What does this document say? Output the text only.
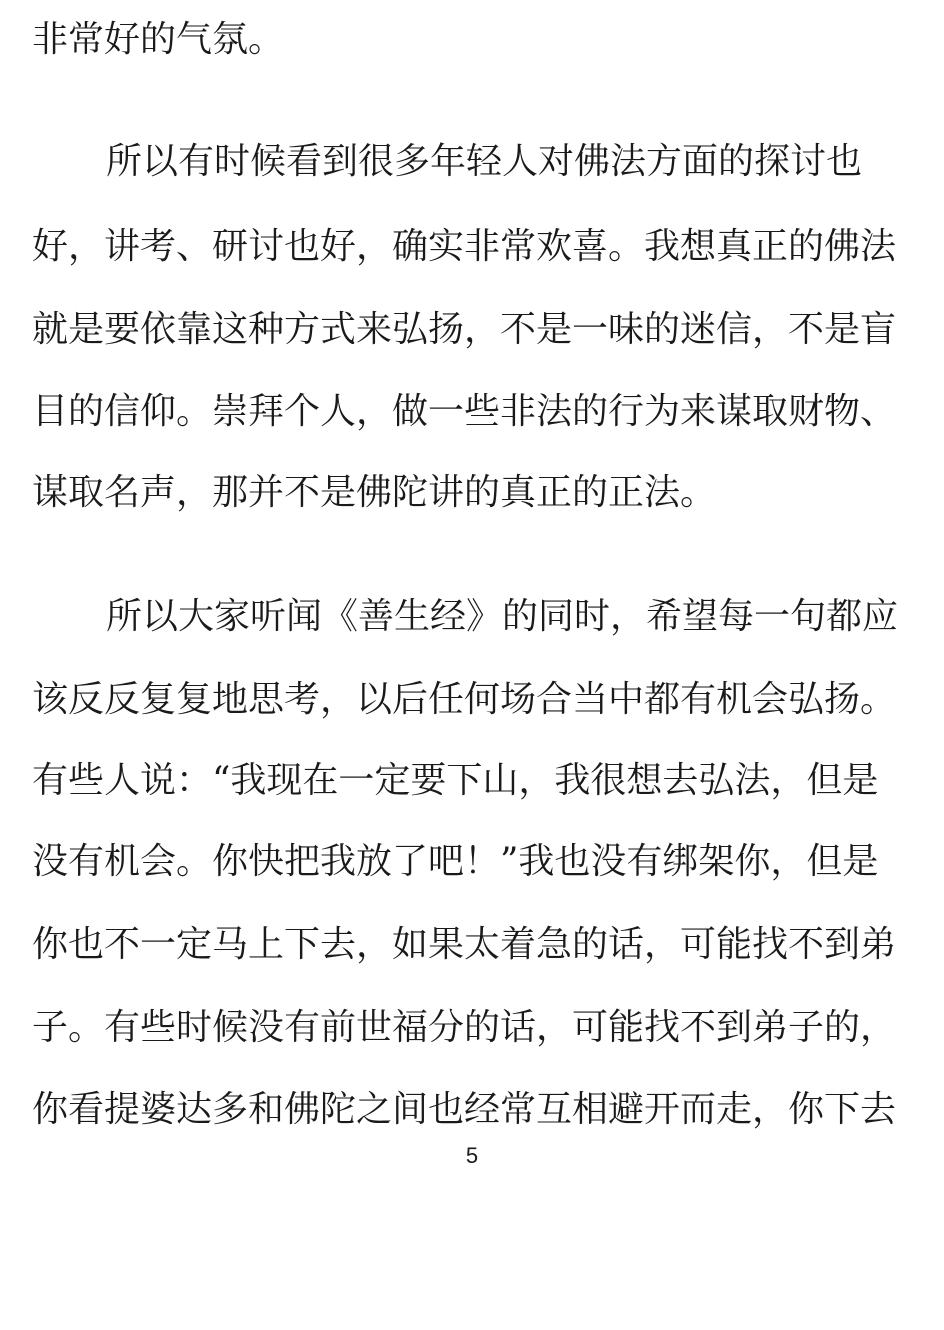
非常好的气氛。
所以有时候看到很多年轻人对佛法方面的探讨也
好，讲考、研讨也好，确实非常欢喜。我想真正的佛法
就是要依靠这种方式来弘扬，不是一味的迷信，不是盲
目的信仰。崇拜个人，做一些非法的行为来谋取财物、
谋取名声，那并不是佛陀讲的真正的正法。
所以大家听闻《善生经》的同时，希望每一句都应
该反反复复地思考，以后任何场合当中都有机会弘扬。
有些人说：“我现在一定要下山，我很想去弘法，但是
没有机会。你快把我放了吧！”我也没有绑架你，但是
你也不一定马上下去，如果太着急的话，可能找不到弟
子。有些时候没有前世福分的话，可能找不到弟子的，
你看提婆达多和佛陀之间也经常互相避开而走，你下去
5
